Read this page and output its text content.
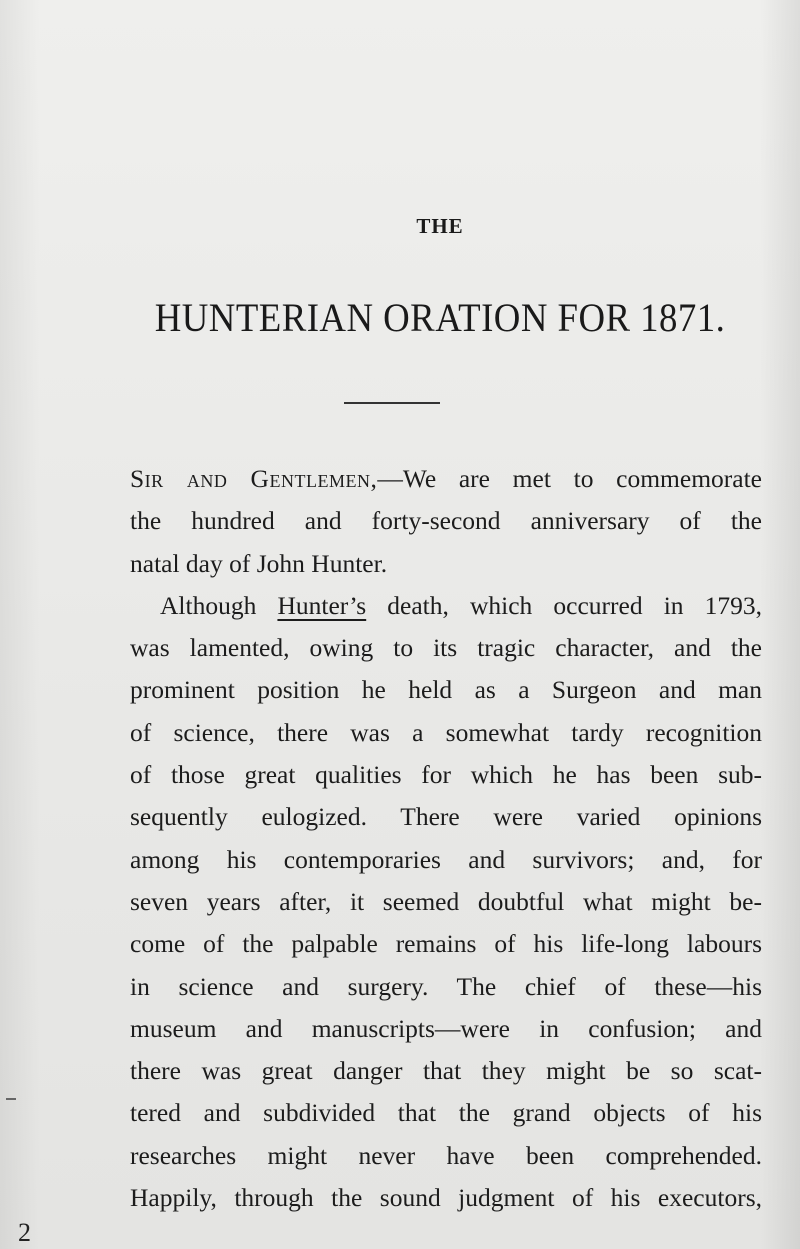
THE
HUNTERIAN ORATION FOR 1871.
Sir and Gentlemen,—We are met to commemorate
the hundred and forty-second anniversary of the
natal day of John Hunter.
Although Hunter’s death, which occurred in 1793,
was lamented, owing to its tragic character, and the
prominent position he held as a Surgeon and man
of science, there was a somewhat tardy recognition
of those great qualities for which he has been sub-
sequently eulogized. There were varied opinions
among his contemporaries and survivors; and, for
seven years after, it seemed doubtful what might be-
come of the palpable remains of his life-long labours
in science and surgery. The chief of these—his
museum and manuscripts—were in confusion; and
there was great danger that they might be so scat-
tered and subdivided that the grand objects of his
researches might never have been comprehended.
Happily, through the sound judgment of his executors,
2
